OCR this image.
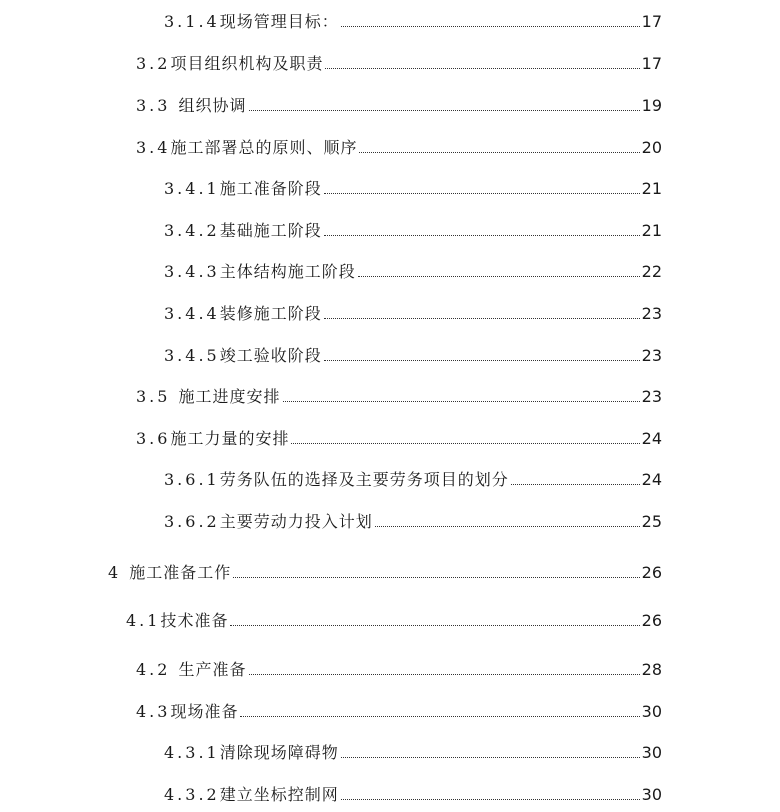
3.1.4 现场管理目标：	17
3.2 项目组织机构及职责	17
3.3 组织协调	19
3.4 施工部署总的原则、顺序	20
3.4.1 施工准备阶段	21
3.4.2 基础施工阶段	21
3.4.3 主体结构施工阶段	22
3.4.4 装修施工阶段	23
3.4.5 竣工验收阶段	23
3.5 施工进度安排	23
3.6 施工力量的安排	24
3.6.1 劳务队伍的选择及主要劳务项目的划分	24
3.6.2 主要劳动力投入计划	25
4 施工准备工作	26
4.1 技术准备	26
4.2 生产准备	28
4.3 现场准备	30
4.3.1 清除现场障碍物	30
4.3.2 建立坐标控制网	30
